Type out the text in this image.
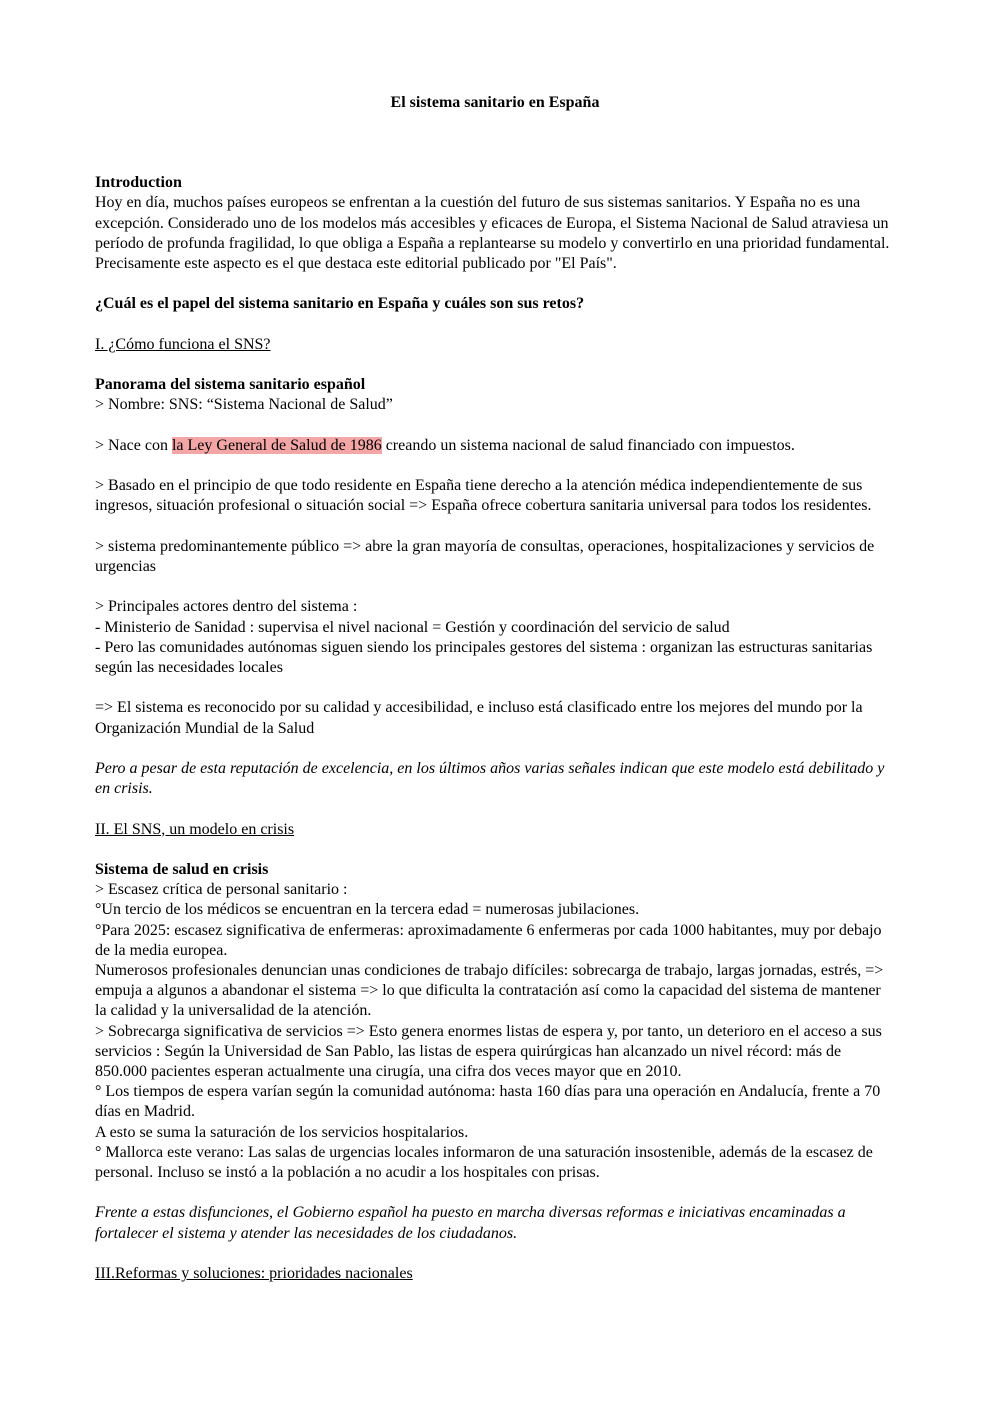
El sistema sanitario en España

Introduction

Hoy en día, muchos países europeos se enfrentan a la cuestión del futuro de sus sistemas sanitarios. Y España no es una excepción. Considerado uno de los modelos más accesibles y eficaces de Europa, el Sistema Nacional de Salud atraviesa un período de profunda fragilidad, lo que obliga a España a replantearse su modelo y convertirlo en una prioridad fundamental. Precisamente este aspecto es el que destaca este editorial publicado por "El País".

¿Cuál es el papel del sistema sanitario en España y cuáles son sus retos?

I. ¿Cómo funciona el SNS?

Panorama del sistema sanitario español

> Nombre: SNS: “Sistema Nacional de Salud”

> Nace con la Ley General de Salud de 1986 creando un sistema nacional de salud financiado con impuestos.

> Basado en el principio de que todo residente en España tiene derecho a la atención médica independientemente de sus ingresos, situación profesional o situación social => España ofrece cobertura sanitaria universal para todos los residentes.

> sistema predominantemente público => abre la gran mayoría de consultas, operaciones, hospitalizaciones y servicios de urgencias

> Principales actores dentro del sistema :

- Ministerio de Sanidad : supervisa el nivel nacional = Gestión y coordinación del servicio de salud

- Pero las comunidades autónomas siguen siendo los principales gestores del sistema : organizan las estructuras sanitarias según las necesidades locales

=> El sistema es reconocido por su calidad y accesibilidad, e incluso está clasificado entre los mejores del mundo por la Organización Mundial de la Salud

Pero a pesar de esta reputación de excelencia, en los últimos años varias señales indican que este modelo está debilitado y en crisis.

II. El SNS, un modelo en crisis

Sistema de salud en crisis

> Escasez crítica de personal sanitario :

°Un tercio de los médicos se encuentran en la tercera edad = numerosas jubilaciones.

°Para 2025: escasez significativa de enfermeras: aproximadamente 6 enfermeras por cada 1000 habitantes, muy por debajo de la media europea.

Numerosos profesionales denuncian unas condiciones de trabajo difíciles: sobrecarga de trabajo, largas jornadas, estrés, => empuja a algunos a abandonar el sistema => lo que dificulta la contratación así como la capacidad del sistema de mantener la calidad y la universalidad de la atención.

> Sobrecarga significativa de servicios => Esto genera enormes listas de espera y, por tanto, un deterioro en el acceso a sus servicios : Según la Universidad de San Pablo, las listas de espera quirúrgicas han alcanzado un nivel récord: más de 850.000 pacientes esperan actualmente una cirugía, una cifra dos veces mayor que en 2010.

° Los tiempos de espera varían según la comunidad autónoma: hasta 160 días para una operación en Andalucía, frente a 70 días en Madrid.

A esto se suma la saturación de los servicios hospitalarios.

° Mallorca este verano: Las salas de urgencias locales informaron de una saturación insostenible, además de la escasez de personal. Incluso se instó a la población a no acudir a los hospitales con prisas.

Frente a estas disfunciones, el Gobierno español ha puesto en marcha diversas reformas e iniciativas encaminadas a fortalecer el sistema y atender las necesidades de los ciudadanos.

III.Reformas y soluciones: prioridades nacionales
